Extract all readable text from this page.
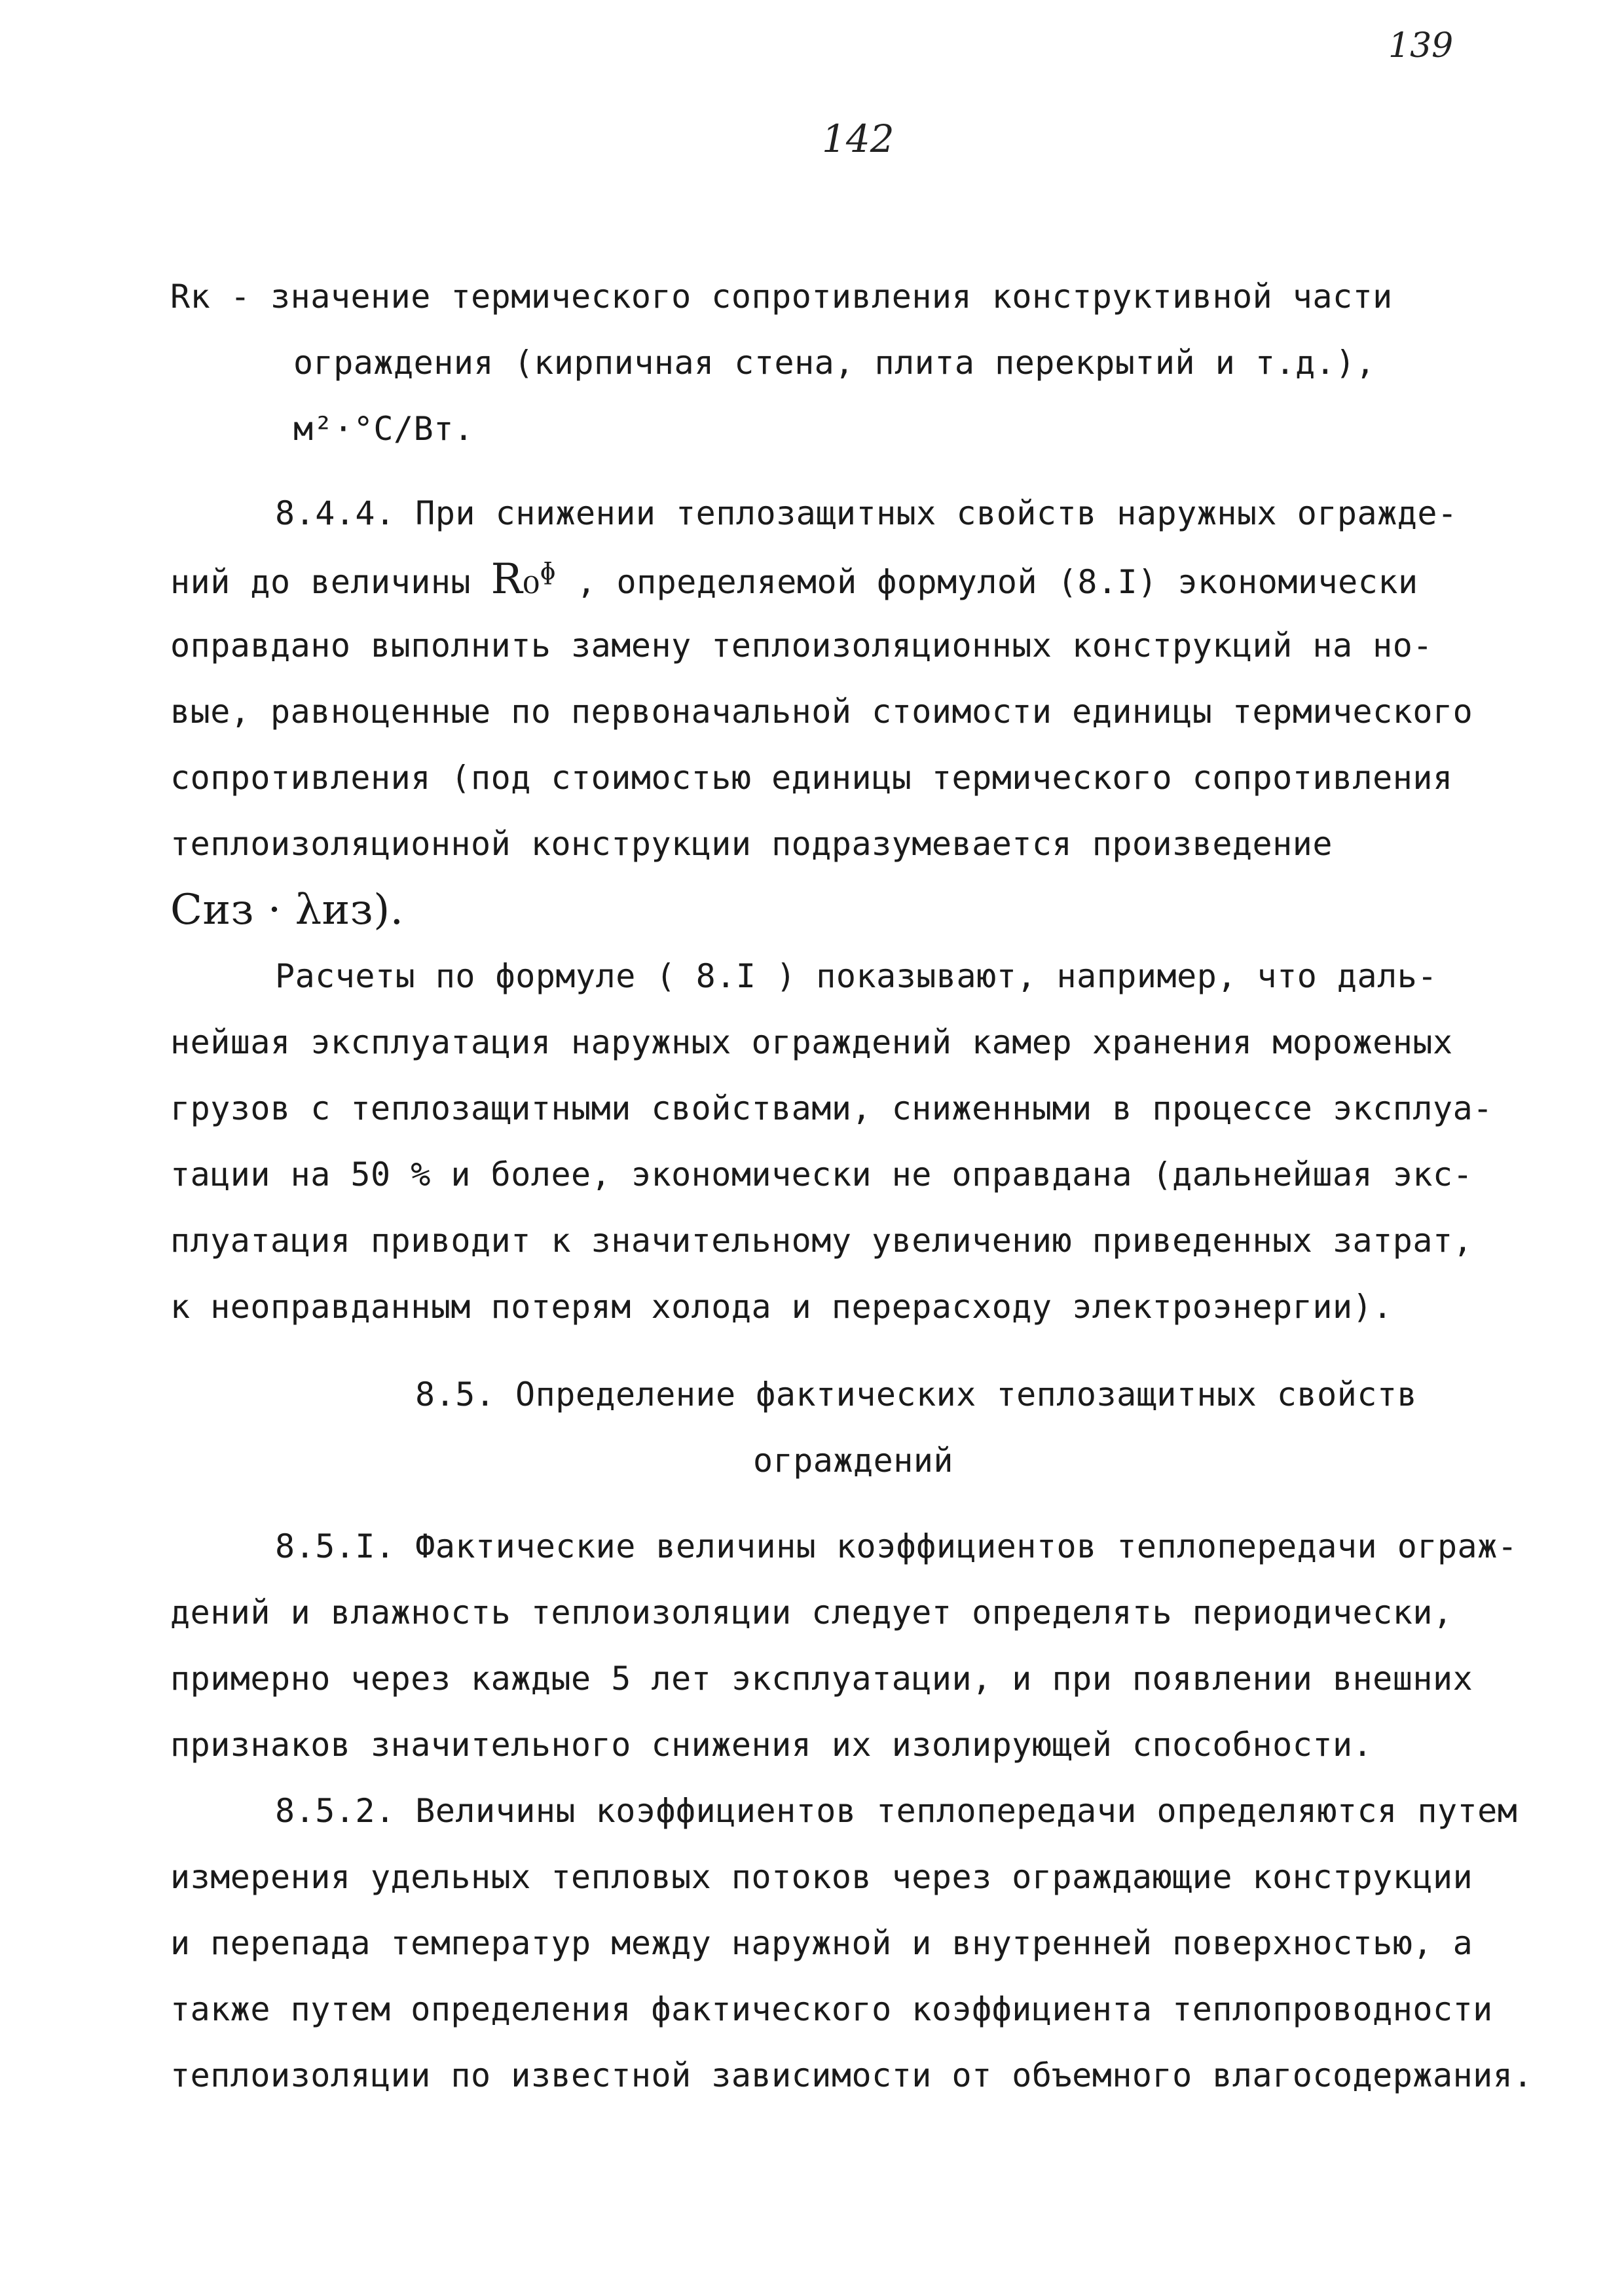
139
142
Rк - значение термического сопротивления конструктивной части
ограждения (кирпичная стена, плита перекрытий и т.д.),
м²·°C/Вт.
8.4.4. При снижении теплозащитных свойств наружных огражде-
ний до величины R₀ᶲ , определяемой формулой (8.I) экономически
оправдано выполнить замену теплоизоляционных конструкций на но-
вые, равноценные по первоначальной стоимости единицы термического
сопротивления (под стоимостью единицы термического сопротивления
теплоизоляционной конструкции подразумевается произведение
Cиз · λиз).
Расчеты по формуле ( 8.I ) показывают, например, что даль-
нейшая эксплуатация наружных ограждений камер хранения мороженых
грузов с теплозащитными свойствами, сниженными в процессе эксплуа-
тации на 50 % и более, экономически не оправдана (дальнейшая экс-
плуатация приводит к значительному увеличению приведенных затрат,
к неоправданным потерям холода и перерасходу электроэнергии).
8.5. Определение фактических теплозащитных свойств
ограждений
8.5.I. Фактические величины коэффициентов теплопередачи ограж-
дений и влажность теплоизоляции следует определять периодически,
примерно через каждые 5 лет эксплуатации, и при появлении внешних
признаков значительного снижения их изолирующей способности.
8.5.2. Величины коэффициентов теплопередачи определяются путем
измерения удельных тепловых потоков через ограждающие конструкции
и перепада температур между наружной и внутренней поверхностью, а
также путем определения фактического коэффициента теплопроводности
теплоизоляции по известной зависимости от объемного влагосодержания.
